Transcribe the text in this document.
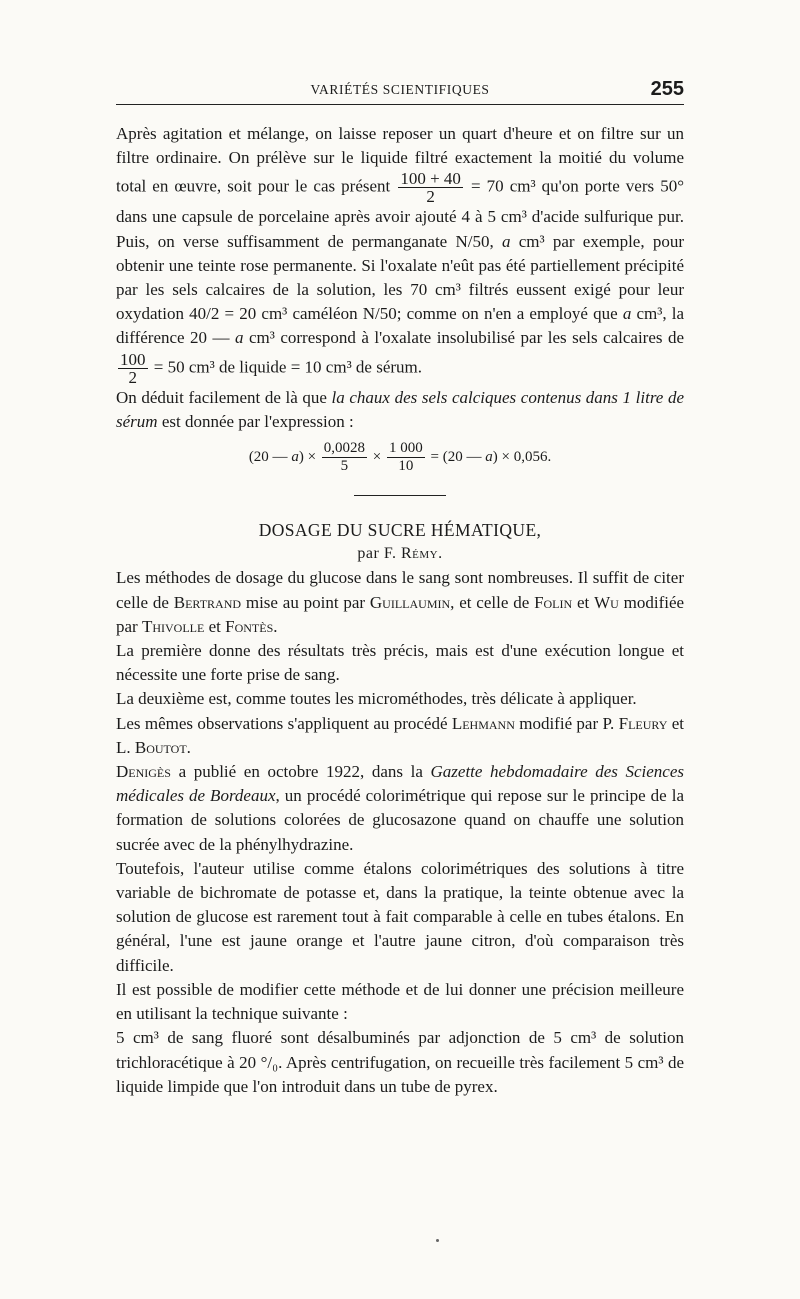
VARIÉTÉS SCIENTIFIQUES	255

Après agitation et mélange, on laisse reposer un quart d'heure et on filtre sur un filtre ordinaire. On prélève sur le liquide filtré exactement la moitié du volume total en œuvre, soit pour le cas présent $\frac{100 + 40}{2} = 70$ cm³ qu'on porte vers 50° dans une capsule de porcelaine après avoir ajouté 4 à 5 cm³ d'acide sulfurique pur. Puis, on verse suffisamment de permanganate N/50, a cm³ par exemple, pour obtenir une teinte rose permanente. Si l'oxalate n'eût pas été partiellement précipité par les sels calcaires de la solution, les 70 cm³ filtrés eussent exigé pour leur oxydation 40/2 = 20 cm³ caméléon N/50; comme on n'en a employé que a cm³, la différence 20 — a cm³ correspond à l'oxalate insolubilisé par les sels calcaires de
$\frac{100}{2} = 50$ cm³ de liquide = 10 cm³ de sérum.

On déduit facilement de là que la chaux des sels calciques contenus dans 1 litre de sérum est donnée par l'expression :

(20 — $a) \times \frac{0,0028}{5} \times \frac{1 000}{10} = (20$ — a) × 0,056.

DOSAGE DU SUCRE HÉMATIQUE,

par F. Rémy.

Les méthodes de dosage du glucose dans le sang sont nombreuses. Il suffit de citer celle de Bertrand mise au point par Guillaumin, et celle de Folin et Wu modifiée par Thivolle et Fontès.

La première donne des résultats très précis, mais est d'une exécution longue et nécessite une forte prise de sang.

La deuxième est, comme toutes les microméthodes, très délicate à appliquer.

Les mêmes observations s'appliquent au procédé Lehmann modifié par P. Fleury et L. Boutot.

Denigès a publié en octobre 1922, dans la Gazette hebdomadaire des Sciences médicales de Bordeaux, un procédé colorimétrique qui repose sur le principe de la formation de solutions colorées de glucosazone quand on chauffe une solution sucrée avec de la phénylhydrazine.

Toutefois, l'auteur utilise comme étalons colorimétriques des solutions à titre variable de bichromate de potasse et, dans la pratique, la teinte obtenue avec la solution de glucose est rarement tout à fait comparable à celle en tubes étalons. En général, l'une est jaune orange et l'autre jaune citron, d'où comparaison très difficile.

Il est possible de modifier cette méthode et de lui donner une précision meilleure en utilisant la technique suivante :

5 cm³ de sang fluoré sont désalbuminés par adjonction de 5 cm³ de solution trichloracétique à 20 °/₀. Après centrifugation, on recueille très facilement 5 cm³ de liquide limpide que l'on introduit dans un tube de pyrex.
